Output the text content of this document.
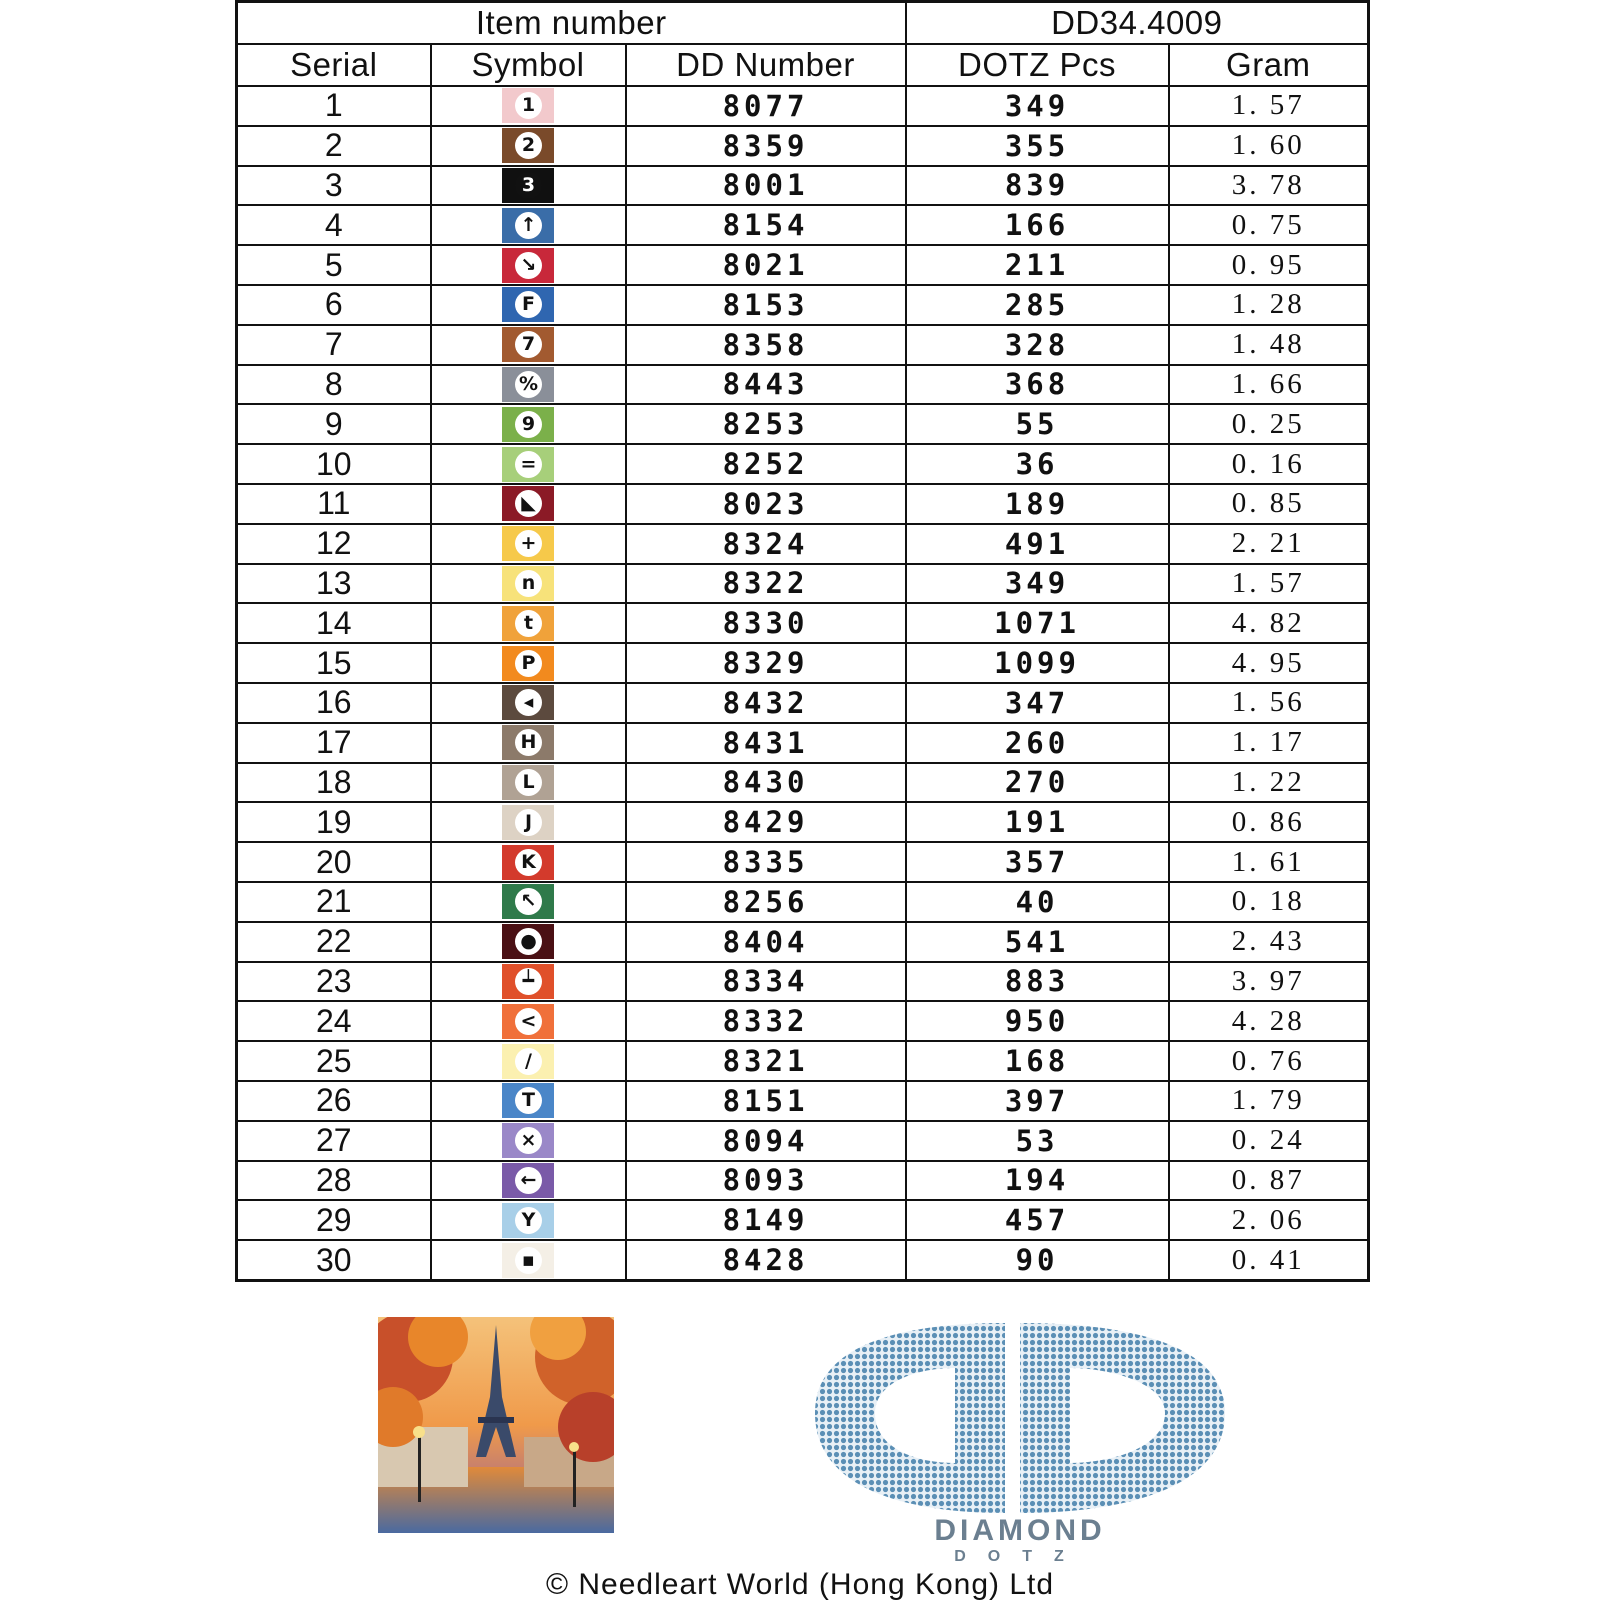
Item number			DD34.4009	
Serial	Symbol	DD Number	DOTZ Pcs	Gram
1	1	8077	349	1. 57
2	2	8359	355	1. 60
3	3	8001	839	3. 78
4	↑	8154	166	0. 75
5	↘	8021	211	0. 95
6	F	8153	285	1. 28
7	7	8358	328	1. 48
8	%	8443	368	1. 66
9	9	8253	55	0. 25
10	=	8252	36	0. 16
11	◣	8023	189	0. 85
12	+	8324	491	2. 21
13	n	8322	349	1. 57
14	t	8330	1071	4. 82
15	P	8329	1099	4. 95
16	◂	8432	347	1. 56
17	H	8431	260	1. 17
18	L	8430	270	1. 22
19	J	8429	191	0. 86
20	K	8335	357	1. 61
21	↖	8256	40	0. 18
22	●	8404	541	2. 43
23	┷	8334	883	3. 97
24	<	8332	950	4. 28
25	/	8321	168	0. 76
26	T	8151	397	1. 79
27	×	8094	53	0. 24
28	←	8093	194	0. 87
29	Y	8149	457	2. 06
30	▪	8428	90	0. 41
DIAMOND
DOTZ
© Needleart World (Hong Kong) Ltd
